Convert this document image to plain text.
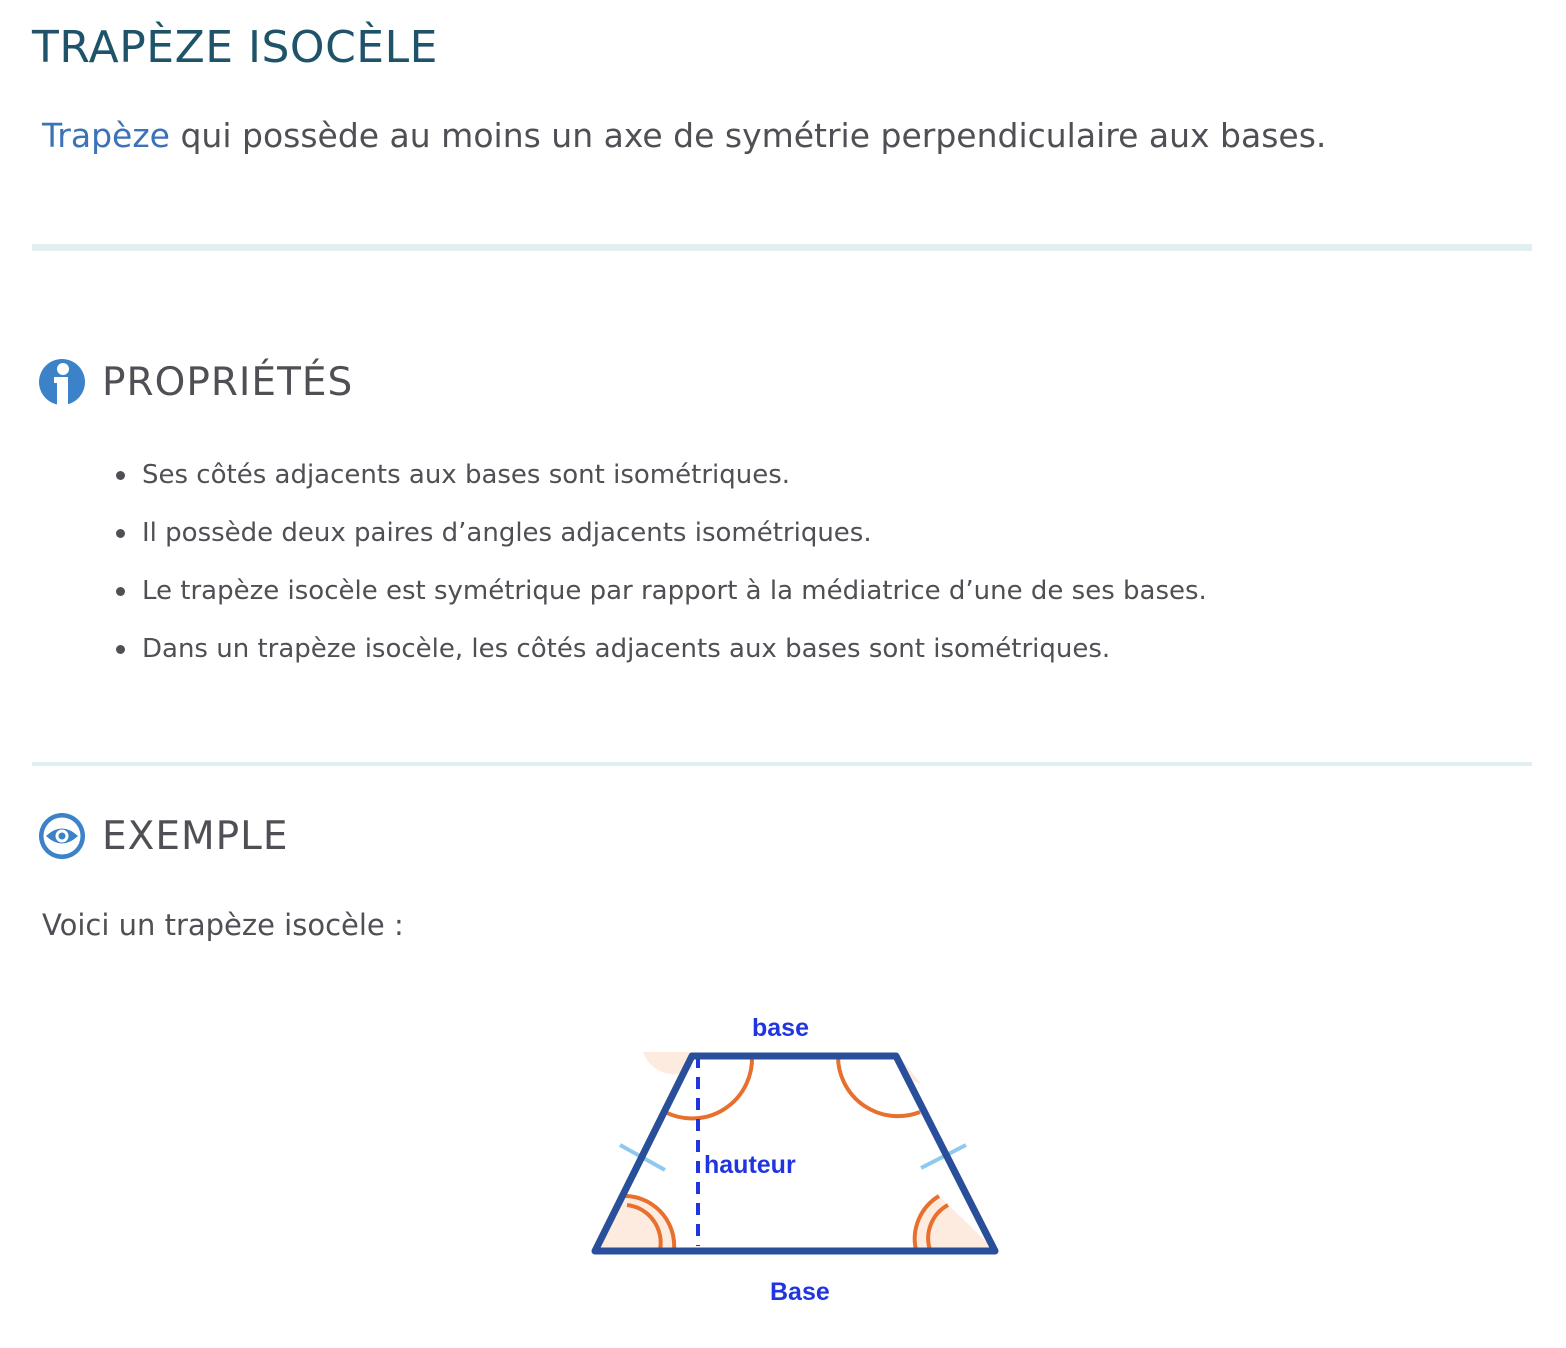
TRAPÈZE ISOCÈLE

Trapèze qui possède au moins un axe de symétrie perpendiculaire aux bases.

PROPRIÉTÉS
Ses côtés adjacents aux bases sont isométriques.
Il possède deux paires d’angles adjacents isométriques.
Le trapèze isocèle est symétrique par rapport à la médiatrice d’une de ses bases.
Dans un trapèze isocèle, les côtés adjacents aux bases sont isométriques.
EXEMPLE

Voici un trapèze isocèle :

base
hauteur
Base
